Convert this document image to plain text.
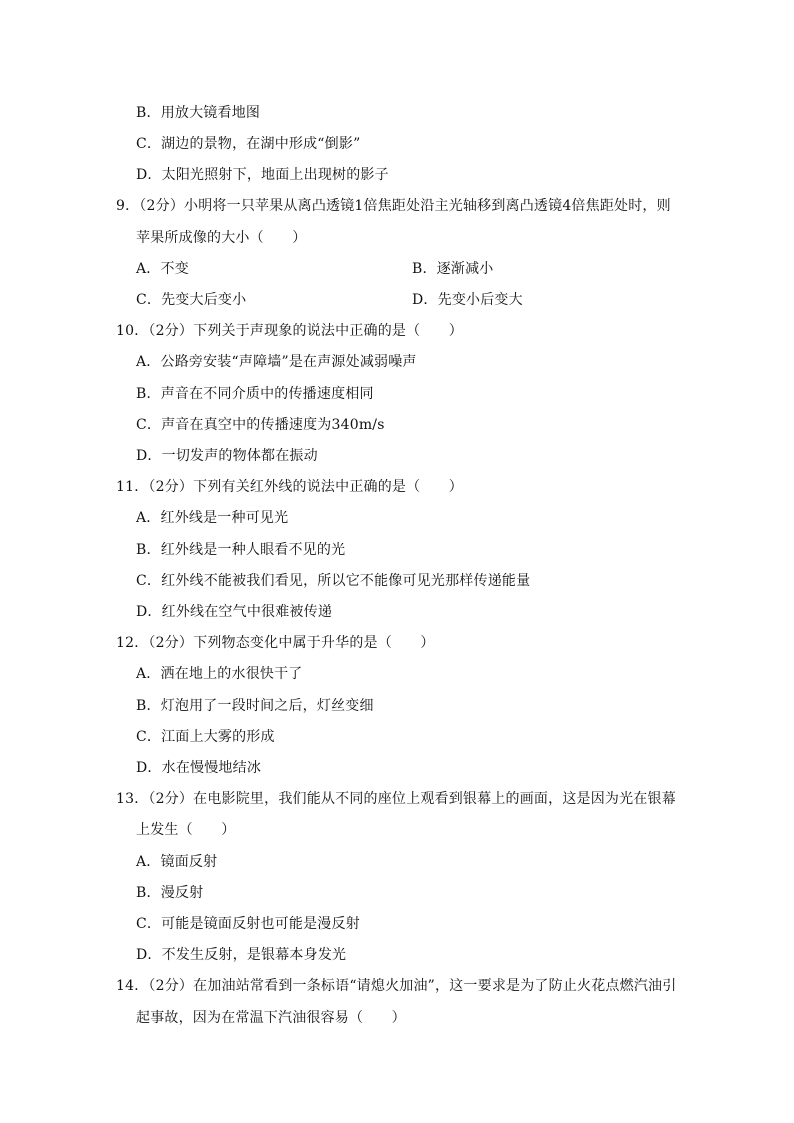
B．用放大镜看地图
C．湖边的景物，在湖中形成“倒影”
D．太阳光照射下，地面上出现树的影子
9．（2分）小明将一只苹果从离凸透镜1倍焦距处沿主光轴移到离凸透镜4倍焦距处时，则
苹果所成像的大小（　　）
A．不变	B．逐渐减小
C．先变大后变小	D．先变小后变大
10．（2分）下列关于声现象的说法中正确的是（　　）
A．公路旁安装“声障墙”是在声源处减弱噪声
B．声音在不同介质中的传播速度相同
C．声音在真空中的传播速度为340m/s
D．一切发声的物体都在振动
11．（2分）下列有关红外线的说法中正确的是（　　）
A．红外线是一种可见光
B．红外线是一种人眼看不见的光
C．红外线不能被我们看见，所以它不能像可见光那样传递能量
D．红外线在空气中很难被传递
12．（2分）下列物态变化中属于升华的是（　　）
A．洒在地上的水很快干了
B．灯泡用了一段时间之后，灯丝变细
C．江面上大雾的形成
D．水在慢慢地结冰
13．（2分）在电影院里，我们能从不同的座位上观看到银幕上的画面，这是因为光在银幕
上发生（　　）
A．镜面反射
B．漫反射
C．可能是镜面反射也可能是漫反射
D．不发生反射，是银幕本身发光
14．（2分）在加油站常看到一条标语“请熄火加油”，这一要求是为了防止火花点燃汽油引
起事故，因为在常温下汽油很容易（　　）
